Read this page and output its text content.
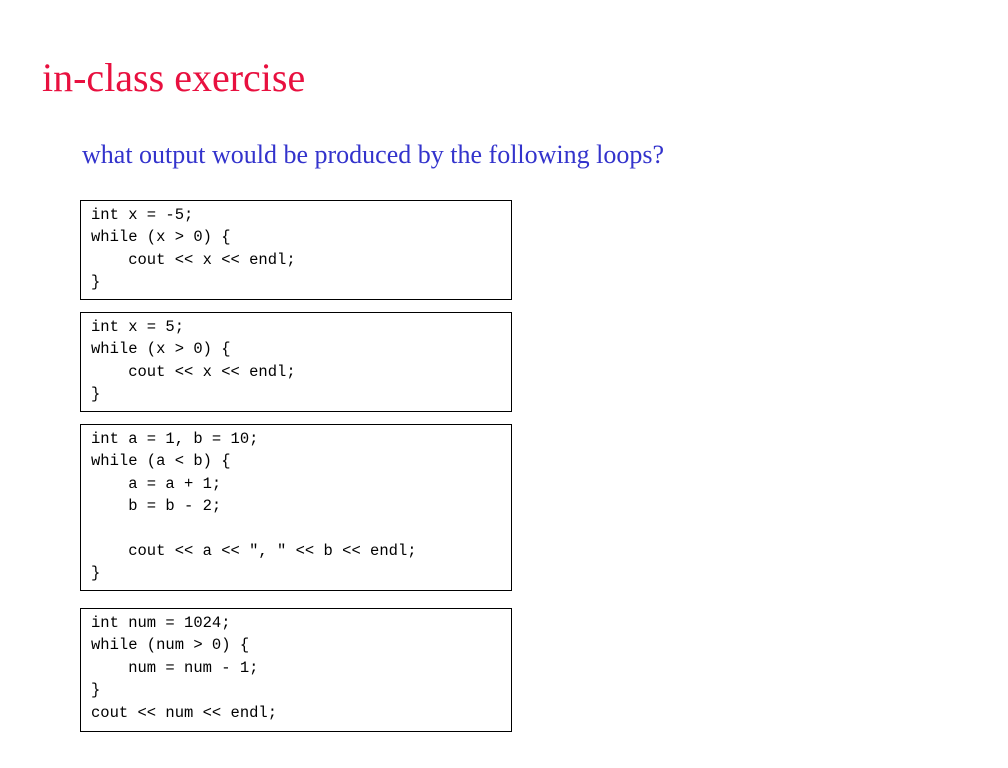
in-class exercise
what output would be produced by the following loops?
int x = -5;
while (x > 0) {
cout << x << endl;
}
int x = 5;
while (x > 0) {
cout << x << endl;
}
int a = 1, b = 10;
while (a < b) {
a = a + 1;
b = b - 2;

cout << a << ", " << b << endl;
}
int num = 1024;
while (num > 0) {
num = num - 1;
}
cout << num << endl;
